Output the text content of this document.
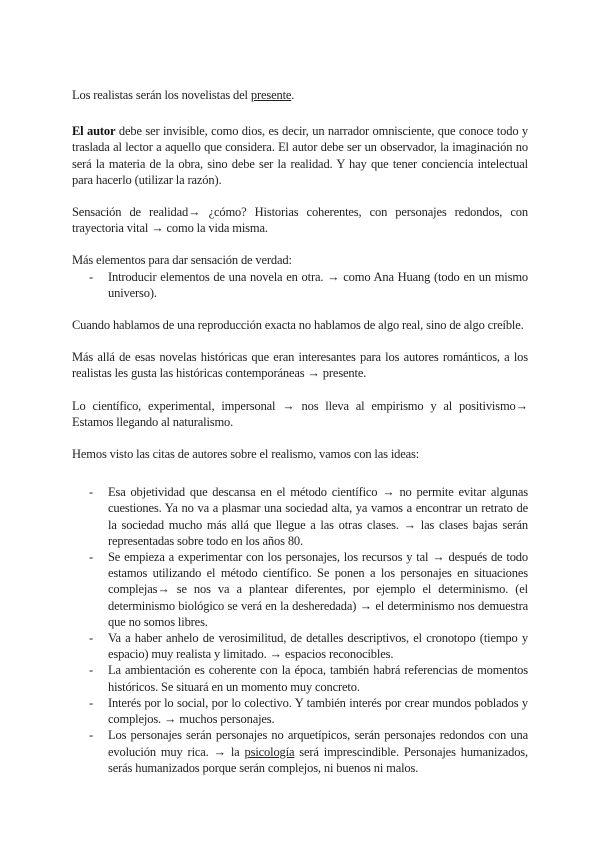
Los realistas serán los novelistas del presente.

El autor debe ser invisible, como dios, es decir, un narrador omnisciente, que conoce todo y traslada al lector a aquello que considera. El autor debe ser un observador, la imaginación no será la materia de la obra, sino debe ser la realidad. Y hay que tener conciencia intelectual para hacerlo (utilizar la razón).

Sensación de realidad→ ¿cómo? Historias coherentes, con personajes redondos, con trayectoria vital → como la vida misma.

Más elementos para dar sensación de verdad:

- Introducir elementos de una novela en otra. → como Ana Huang (todo en un mismo universo).

Cuando hablamos de una reproducción exacta no hablamos de algo real, sino de algo creíble.

Más allá de esas novelas históricas que eran interesantes para los autores románticos, a los realistas les gusta las históricas contemporáneas → presente.

Lo científico, experimental, impersonal → nos lleva al empirismo y al positivismo→ Estamos llegando al naturalismo.

Hemos visto las citas de autores sobre el realismo, vamos con las ideas:

- Esa objetividad que descansa en el método científico → no permite evitar algunas cuestiones. Ya no va a plasmar una sociedad alta, ya vamos a encontrar un retrato de la sociedad mucho más allá que llegue a las otras clases. → las clases bajas serán representadas sobre todo en los años 80.
- Se empieza a experimentar con los personajes, los recursos y tal → después de todo estamos utilizando el método científico. Se ponen a los personajes en situaciones complejas→ se nos va a plantear diferentes, por ejemplo el determinismo. (el determinismo biológico se verá en la desheredada) → el determinismo nos demuestra que no somos libres.
- Va a haber anhelo de verosimilitud, de detalles descriptivos, el cronotopo (tiempo y espacio) muy realista y limitado. → espacios reconocibles.
- La ambientación es coherente con la época, también habrá referencias de momentos históricos. Se situará en un momento muy concreto.
- Interés por lo social, por lo colectivo. Y también interés por crear mundos poblados y complejos. → muchos personajes.
- Los personajes serán personajes no arquetípicos, serán personajes redondos con una evolución muy rica. → la psicología será imprescindible. Personajes humanizados, serás humanizados porque serán complejos, ni buenos ni malos.
